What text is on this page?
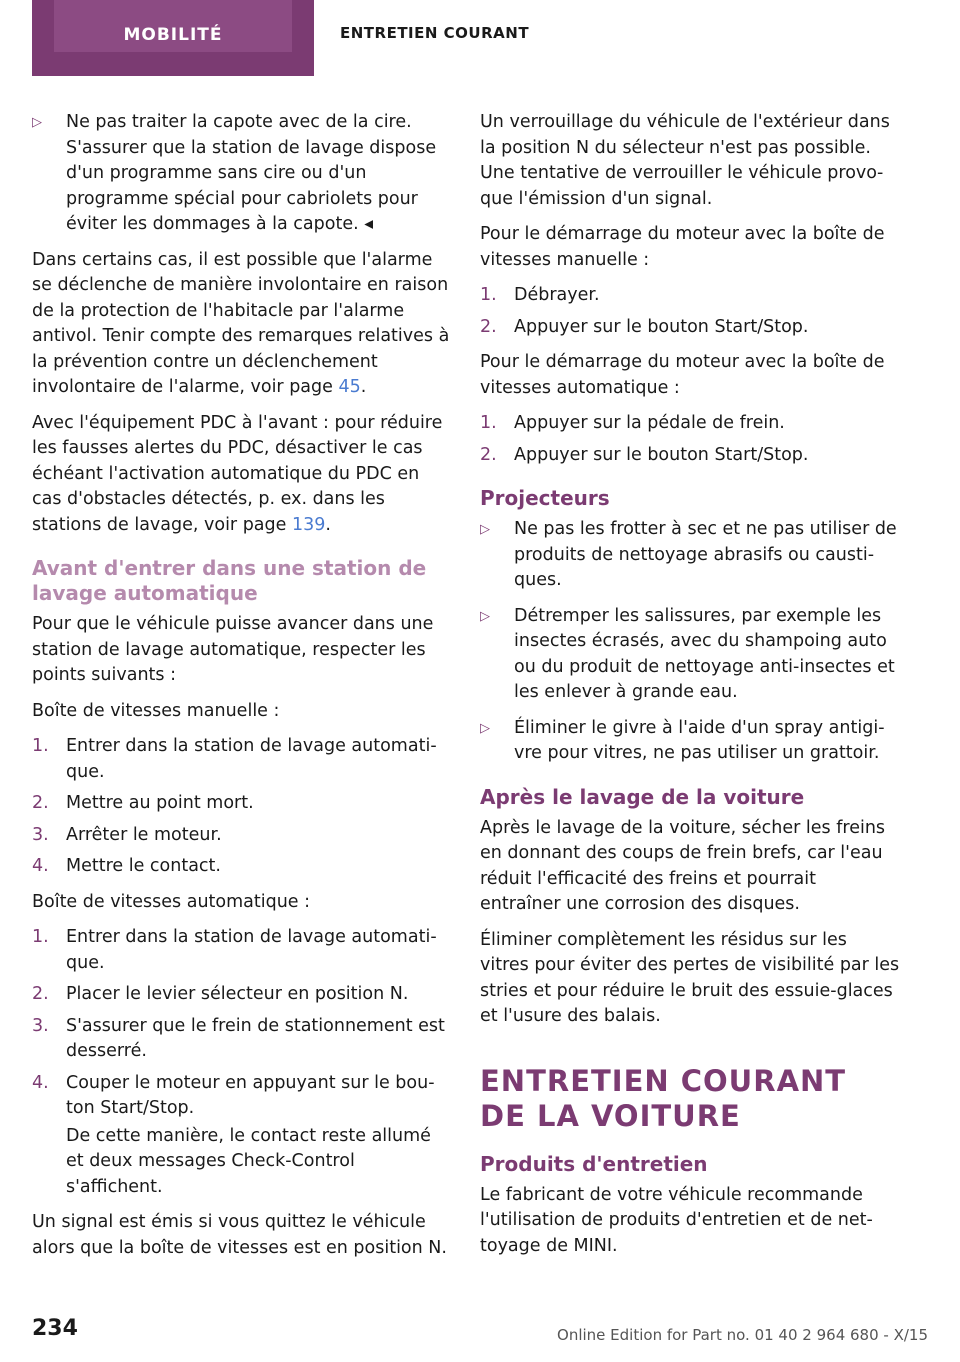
MOBILITÉ	ENTRETIEN COURANT
▷ Ne pas traiter la capote avec de la cire. S'assurer que la station de lavage dispose d'un programme sans cire ou d'un programme spécial pour cabriolets pour éviter les dommages à la capote. ◂

Dans certains cas, il est possible que l'alarme se déclenche de manière involontaire en raison de la protection de l'habitacle par l'alarme antivol. Tenir compte des remarques relatives à la prévention contre un déclenchement involontaire de l'alarme, voir page 45.

Avec l'équipement PDC à l'avant : pour réduire les fausses alertes du PDC, désactiver le cas échéant l'activation automatique du PDC en cas d'obstacles détectés, p. ex. dans les stations de lavage, voir page 139.

Avant d'entrer dans une station de lavage automatique

Pour que le véhicule puisse avancer dans une station de lavage automatique, respecter les points suivants :

Boîte de vitesses manuelle :

1. Entrer dans la station de lavage automatique.
2. Mettre au point mort.
3. Arrêter le moteur.
4. Mettre le contact.

Boîte de vitesses automatique :

1. Entrer dans la station de lavage automatique.
2. Placer le levier sélecteur en position N.
3. S'assurer que le frein de stationnement est desserré.
4. Couper le moteur en appuyant sur le bouton Start/Stop.
De cette manière, le contact reste allumé et deux messages Check-Control s'affichent.

Un signal est émis si vous quittez le véhicule alors que la boîte de vitesses est en position N.

Un verrouillage du véhicule de l'extérieur dans la position N du sélecteur n'est pas possible. Une tentative de verrouiller le véhicule provoque l'émission d'un signal.

Pour le démarrage du moteur avec la boîte de vitesses manuelle :

1. Débrayer.
2. Appuyer sur le bouton Start/Stop.

Pour le démarrage du moteur avec la boîte de vitesses automatique :

1. Appuyer sur la pédale de frein.
2. Appuyer sur le bouton Start/Stop.
Projecteurs
▷ Ne pas les frotter à sec et ne pas utiliser de produits de nettoyage abrasifs ou caustiques.
▷ Détremper les salissures, par exemple les insectes écrasés, avec du shampoing auto ou du produit de nettoyage anti-insectes et les enlever à grande eau.
▷ Éliminer le givre à l'aide d'un spray antigivre pour vitres, ne pas utiliser un grattoir.
Après le lavage de la voiture

Après le lavage de la voiture, sécher les freins en donnant des coups de frein brefs, car l'eau réduit l'efficacité des freins et pourrait entraîner une corrosion des disques.

Éliminer complètement les résidus sur les vitres pour éviter des pertes de visibilité par les stries et pour réduire le bruit des essuie-glaces et l'usure des balais.

ENTRETIEN COURANT DE LA VOITURE
Produits d'entretien

Le fabricant de votre véhicule recommande l'utilisation de produits d'entretien et de nettoyage de MINI.

234	Online Edition for Part no. 01 40 2 964 680 - X/15
